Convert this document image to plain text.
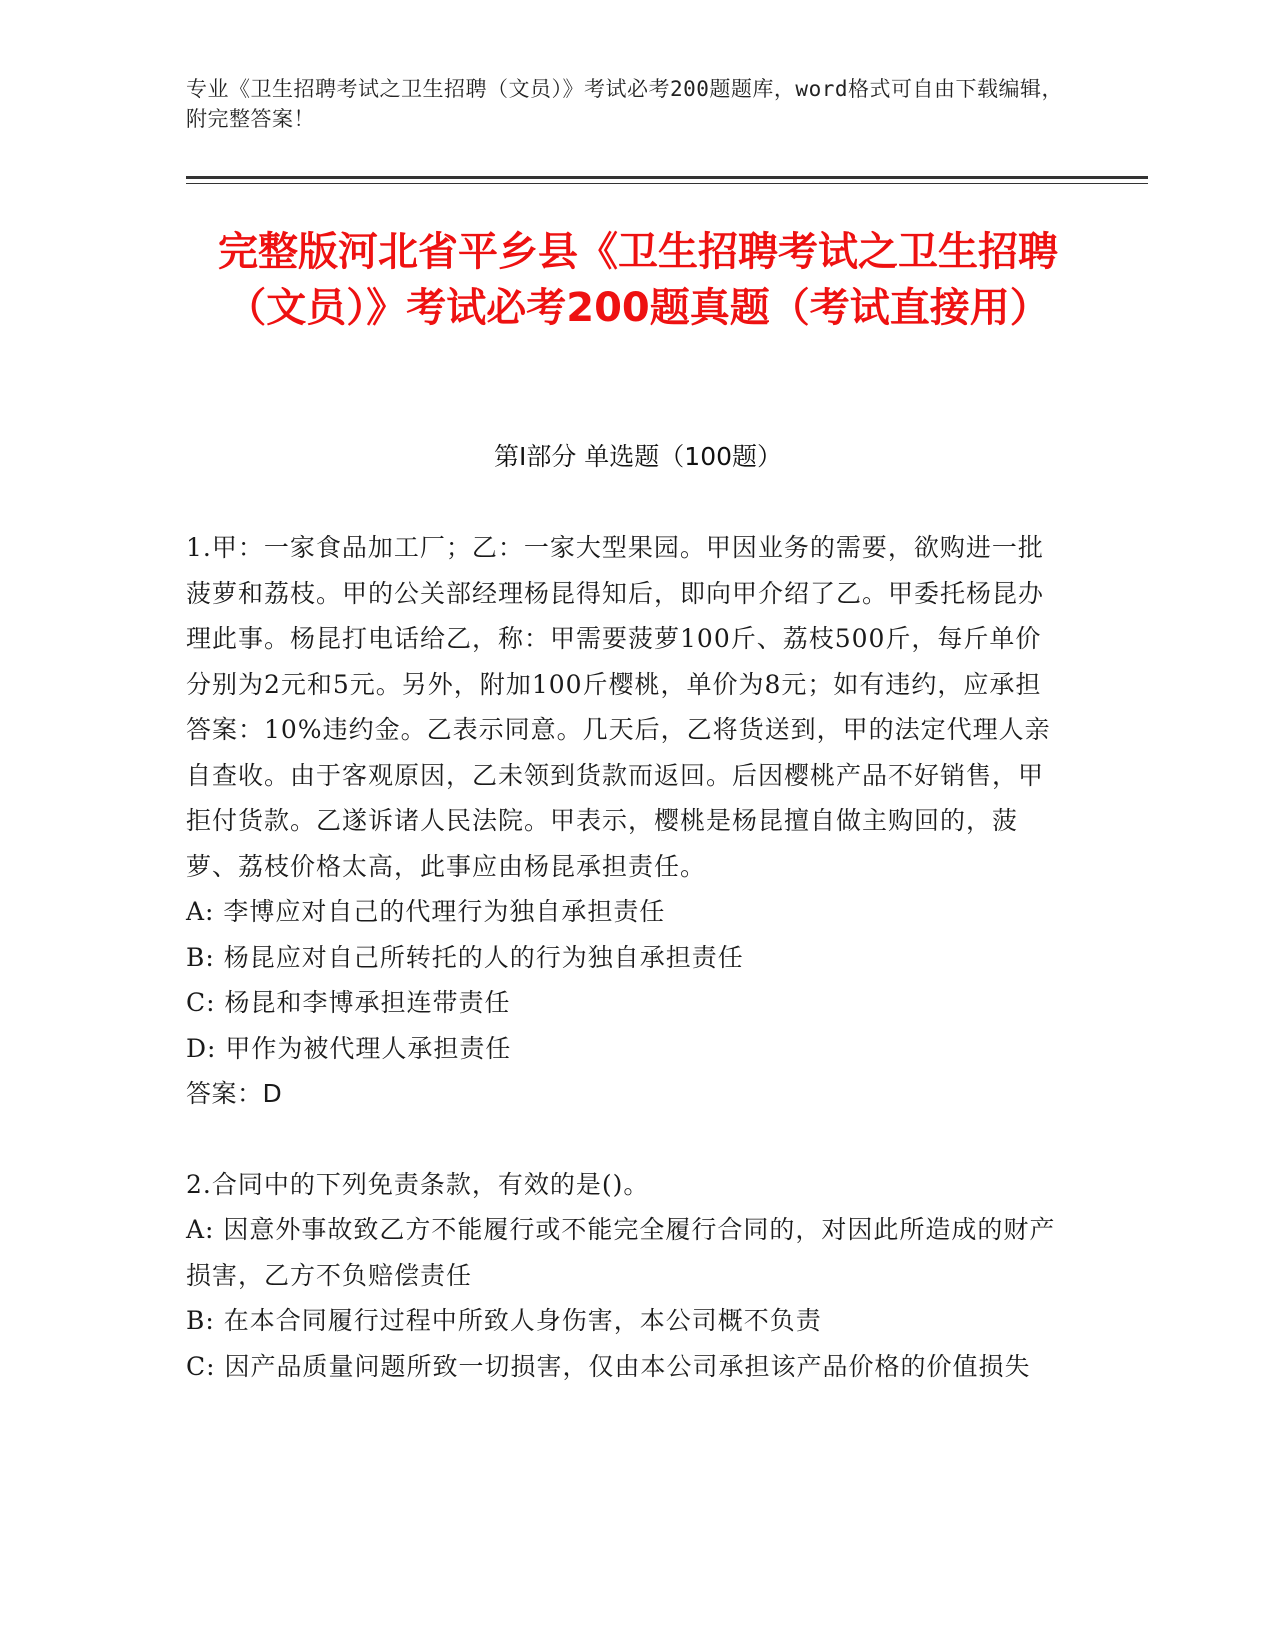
专业《卫生招聘考试之卫生招聘（文员）》考试必考200题题库，word格式可自由下载编辑，附完整答案！
完整版河北省平乡县《卫生招聘考试之卫生招聘（文员）》考试必考200题真题（考试直接用）
第Ⅰ部分 单选题（100题）

1.甲：一家食品加工厂；乙：一家大型果园。甲因业务的需要，欲购进一批菠萝和荔枝。甲的公关部经理杨昆得知后，即向甲介绍了乙。甲委托杨昆办理此事。杨昆打电话给乙，称：甲需要菠萝100斤、荔枝500斤，每斤单价分别为2元和5元。另外，附加100斤樱桃，单价为8元；如有违约，应承担答案：10%违约金。乙表示同意。几天后，乙将货送到，甲的法定代理人亲自查收。由于客观原因，乙未领到货款而返回。后因樱桃产品不好销售，甲拒付货款。乙遂诉诸人民法院。甲表示，樱桃是杨昆擅自做主购回的，菠萝、荔枝价格太高，此事应由杨昆承担责任。

A: 李博应对自己的代理行为独自承担责任

B: 杨昆应对自己所转托的人的行为独自承担责任

C: 杨昆和李博承担连带责任

D: 甲作为被代理人承担责任

答案：D

2.合同中的下列免责条款，有效的是()。

A: 因意外事故致乙方不能履行或不能完全履行合同的，对因此所造成的财产损害，乙方不负赔偿责任

B: 在本合同履行过程中所致人身伤害，本公司概不负责

C: 因产品质量问题所致一切损害，仅由本公司承担该产品价格的价值损失
